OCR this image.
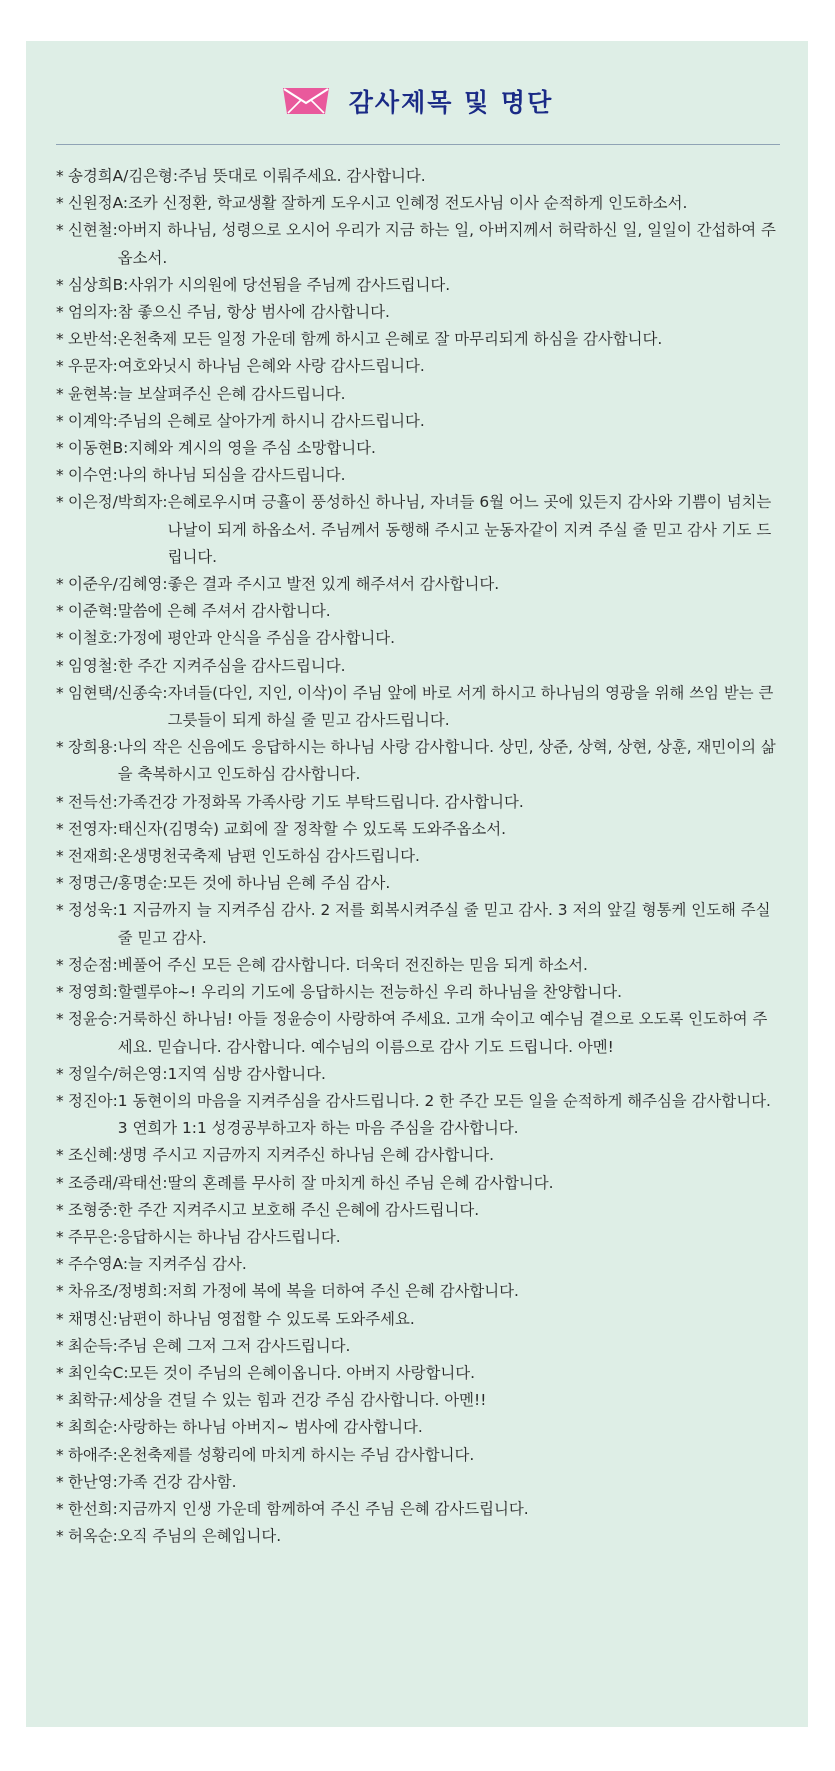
감사제목 및 명단
* 송경희A/김은형: 주님 뜻대로 이뤄주세요. 감사합니다.
* 신원정A: 조카 신정환, 학교생활 잘하게 도우시고 인혜정 전도사님 이사 순적하게 인도하소서.
* 신현철: 아버지 하나님, 성령으로 오시어 우리가 지금 하는 일, 아버지께서 허락하신 일, 일일이 간섭하여 주옵소서.
* 심상희B: 사위가 시의원에 당선됨을 주님께 감사드립니다.
* 엄의자: 참 좋으신 주님, 항상 범사에 감사합니다.
* 오반석: 온천축제 모든 일정 가운데 함께 하시고 은혜로 잘 마무리되게 하심을 감사합니다.
* 우문자: 여호와닛시 하나님 은혜와 사랑 감사드립니다.
* 윤현복: 늘 보살펴주신 은혜 감사드립니다.
* 이계악: 주님의 은혜로 살아가게 하시니 감사드립니다.
* 이동현B: 지혜와 계시의 영을 주심 소망합니다.
* 이수연: 나의 하나님 되심을 감사드립니다.
* 이은정/박희자: 은혜로우시며 긍휼이 풍성하신 하나님, 자녀들 6월 어느 곳에 있든지 감사와 기쁨이 넘치는 나날이 되게 하옵소서. 주님께서 동행해 주시고 눈동자같이 지켜 주실 줄 믿고 감사 기도 드립니다.
* 이준우/김혜영: 좋은 결과 주시고 발전 있게 해주셔서 감사합니다.
* 이준혁: 말씀에 은혜 주셔서 감사합니다.
* 이철호: 가정에 평안과 안식을 주심을 감사합니다.
* 임영철: 한 주간 지켜주심을 감사드립니다.
* 임현택/신종숙: 자녀들(다인, 지인, 이삭)이 주님 앞에 바로 서게 하시고 하나님의 영광을 위해 쓰임 받는 큰 그릇들이 되게 하실 줄 믿고 감사드립니다.
* 장희용: 나의 작은 신음에도 응답하시는 하나님 사랑 감사합니다. 상민, 상준, 상혁, 상현, 상훈, 재민이의 삶을 축복하시고 인도하심 감사합니다.
* 전득선: 가족건강 가정화목 가족사랑 기도 부탁드립니다. 감사합니다.
* 전영자: 태신자(김명숙) 교회에 잘 정착할 수 있도록 도와주옵소서.
* 전재희: 온생명천국축제 남편 인도하심 감사드립니다.
* 정명근/홍명순: 모든 것에 하나님 은혜 주심 감사.
* 정성욱: 1 지금까지 늘 지켜주심 감사. 2 저를 회복시켜주실 줄 믿고 감사. 3 저의 앞길 형통케 인도해 주실 줄 믿고 감사.
* 정순점: 베풀어 주신 모든 은혜 감사합니다. 더욱더 전진하는 믿음 되게 하소서.
* 정영희: 할렐루야~! 우리의 기도에 응답하시는 전능하신 우리 하나님을 찬양합니다.
* 정윤승: 거룩하신 하나님! 아들 정윤승이 사랑하여 주세요. 고개 숙이고 예수님 곁으로 오도록 인도하여 주세요. 믿습니다. 감사합니다. 예수님의 이름으로 감사 기도 드립니다. 아멘!
* 정일수/허은영: 1지역 심방 감사합니다.
* 정진아: 1 동현이의 마음을 지켜주심을 감사드립니다. 2 한 주간 모든 일을 순적하게 해주심을 감사합니다. 3 연희가 1:1 성경공부하고자 하는 마음 주심을 감사합니다.
* 조신혜: 생명 주시고 지금까지 지켜주신 하나님 은혜 감사합니다.
* 조증래/곽태선: 딸의 혼례를 무사히 잘 마치게 하신 주님 은혜 감사합니다.
* 조형중: 한 주간 지켜주시고 보호해 주신 은혜에 감사드립니다.
* 주무은: 응답하시는 하나님 감사드립니다.
* 주수영A: 늘 지켜주심 감사.
* 차유조/정병희: 저희 가정에 복에 복을 더하여 주신 은혜 감사합니다.
* 채명신: 남편이 하나님 영접할 수 있도록 도와주세요.
* 최순득: 주님 은혜 그저 그저 감사드립니다.
* 최인숙C: 모든 것이 주님의 은혜이옵니다. 아버지 사랑합니다.
* 최학규: 세상을 견딜 수 있는 힘과 건강 주심 감사합니다. 아멘!!
* 최희순: 사랑하는 하나님 아버지~ 범사에 감사합니다.
* 하애주: 온천축제를 성황리에 마치게 하시는 주님 감사합니다.
* 한난영: 가족 건강 감사함.
* 한선희: 지금까지 인생 가운데 함께하여 주신 주님 은혜 감사드립니다.
* 허옥순: 오직 주님의 은혜입니다.
